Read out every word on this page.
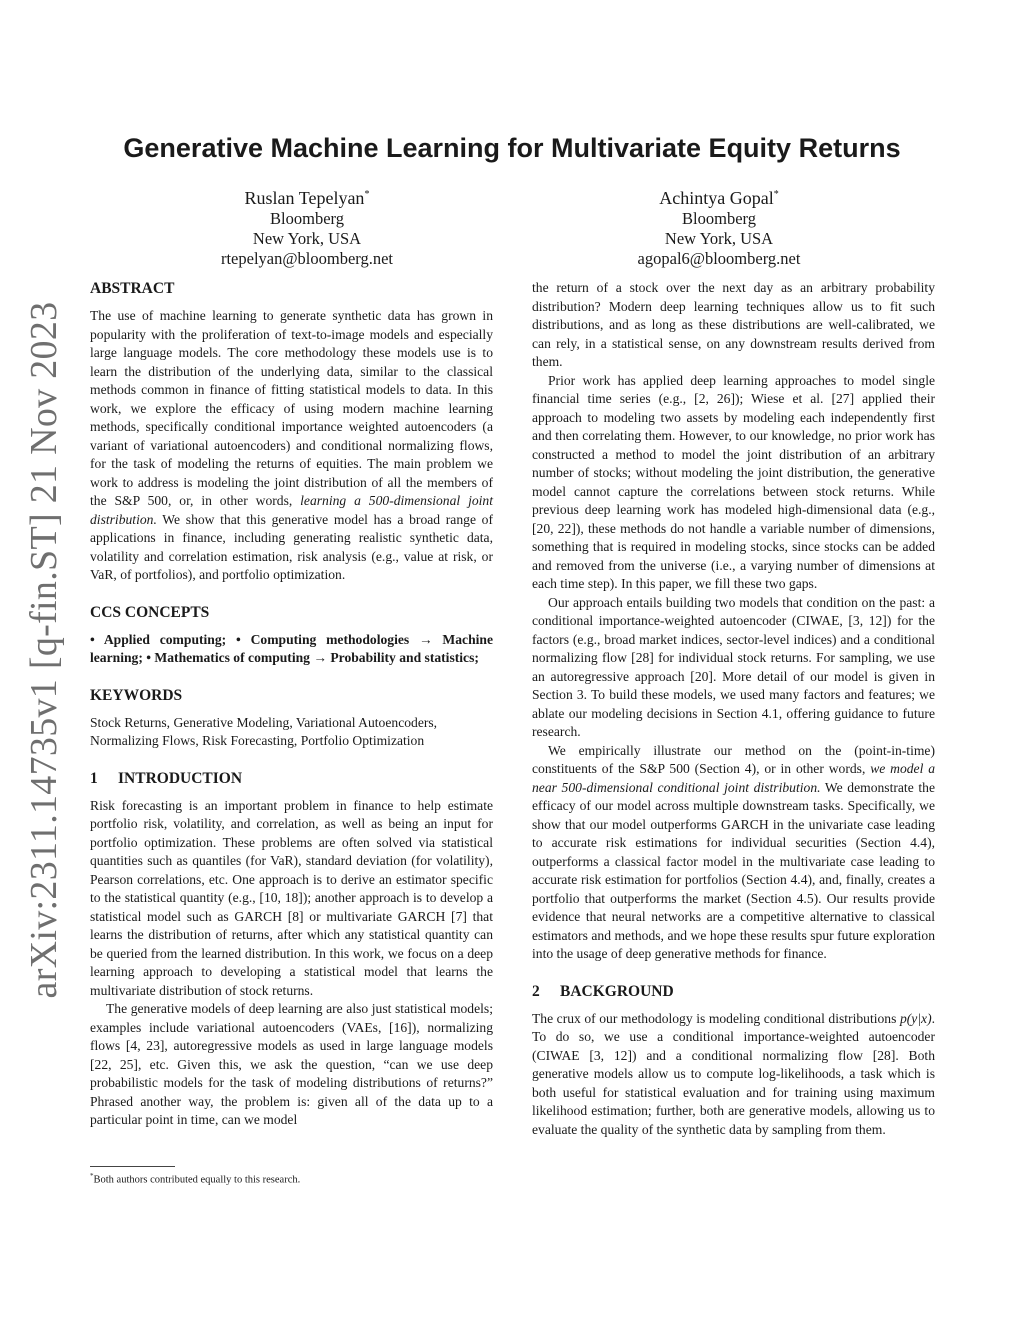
arXiv:2311.14735v1 [q-fin.ST] 21 Nov 2023
Generative Machine Learning for Multivariate Equity Returns
Ruslan Tepelyan*
Bloomberg
New York, USA
rtepelyan@bloomberg.net
Achintya Gopal*
Bloomberg
New York, USA
agopal6@bloomberg.net
ABSTRACT

The use of machine learning to generate synthetic data has grown in popularity with the proliferation of text-to-image models and especially large language models. The core methodology these models use is to learn the distribution of the underlying data, similar to the classical methods common in finance of fitting statistical models to data. In this work, we explore the efficacy of using modern machine learning methods, specifically conditional importance weighted autoencoders (a variant of variational autoencoders) and conditional normalizing flows, for the task of modeling the returns of equities. The main problem we work to address is modeling the joint distribution of all the members of the S&P 500, or, in other words, learning a 500-dimensional joint distribution. We show that this generative model has a broad range of applications in finance, including generating realistic synthetic data, volatility and correlation estimation, risk analysis (e.g., value at risk, or VaR, of portfolios), and portfolio optimization.

CCS CONCEPTS

• Applied computing; • Computing methodologies → Machine learning; • Mathematics of computing → Probability and statistics;

KEYWORDS

Stock Returns, Generative Modeling, Variational Autoencoders, Normalizing Flows, Risk Forecasting, Portfolio Optimization

1 INTRODUCTION

Risk forecasting is an important problem in finance to help estimate portfolio risk, volatility, and correlation, as well as being an input for portfolio optimization. These problems are often solved via statistical quantities such as quantiles (for VaR), standard deviation (for volatility), Pearson correlations, etc. One approach is to derive an estimator specific to the statistical quantity (e.g., [10, 18]); another approach is to develop a statistical model such as GARCH [8] or multivariate GARCH [7] that learns the distribution of returns, after which any statistical quantity can be queried from the learned distribution. In this work, we focus on a deep learning approach to developing a statistical model that learns the multivariate distribution of stock returns.

The generative models of deep learning are also just statistical models; examples include variational autoencoders (VAEs, [16]), normalizing flows [4, 23], autoregressive models as used in large language models [22, 25], etc. Given this, we ask the question, “can we use deep probabilistic models for the task of modeling distributions of returns?” Phrased another way, the problem is: given all of the data up to a particular point in time, can we model

the return of a stock over the next day as an arbitrary probability distribution? Modern deep learning techniques allow us to fit such distributions, and as long as these distributions are well-calibrated, we can rely, in a statistical sense, on any downstream results derived from them.

Prior work has applied deep learning approaches to model single financial time series (e.g., [2, 26]); Wiese et al. [27] applied their approach to modeling two assets by modeling each independently first and then correlating them. However, to our knowledge, no prior work has constructed a method to model the joint distribution of an arbitrary number of stocks; without modeling the joint distribution, the generative model cannot capture the correlations between stock returns. While previous deep learning work has modeled high-dimensional data (e.g., [20, 22]), these methods do not handle a variable number of dimensions, something that is required in modeling stocks, since stocks can be added and removed from the universe (i.e., a varying number of dimensions at each time step). In this paper, we fill these two gaps.

Our approach entails building two models that condition on the past: a conditional importance-weighted autoencoder (CIWAE, [3, 12]) for the factors (e.g., broad market indices, sector-level indices) and a conditional normalizing flow [28] for individual stock returns. For sampling, we use an autoregressive approach [20]. More detail of our model is given in Section 3. To build these models, we used many factors and features; we ablate our modeling decisions in Section 4.1, offering guidance to future research.

We empirically illustrate our method on the (point-in-time) constituents of the S&P 500 (Section 4), or in other words, we model a near 500-dimensional conditional joint distribution. We demonstrate the efficacy of our model across multiple downstream tasks. Specifically, we show that our model outperforms GARCH in the univariate case leading to accurate risk estimations for individual securities (Section 4.4), outperforms a classical factor model in the multivariate case leading to accurate risk estimation for portfolios (Section 4.4), and, finally, creates a portfolio that outperforms the market (Section 4.5). Our results provide evidence that neural networks are a competitive alternative to classical estimators and methods, and we hope these results spur future exploration into the usage of deep generative methods for finance.

2 BACKGROUND

The crux of our methodology is modeling conditional distributions p(y|x). To do so, we use a conditional importance-weighted autoencoder (CIWAE [3, 12]) and a conditional normalizing flow [28]. Both generative models allow us to compute log-likelihoods, a task which is both useful for statistical evaluation and for training using maximum likelihood estimation; further, both are generative models, allowing us to evaluate the quality of the synthetic data by sampling from them.

*Both authors contributed equally to this research.
